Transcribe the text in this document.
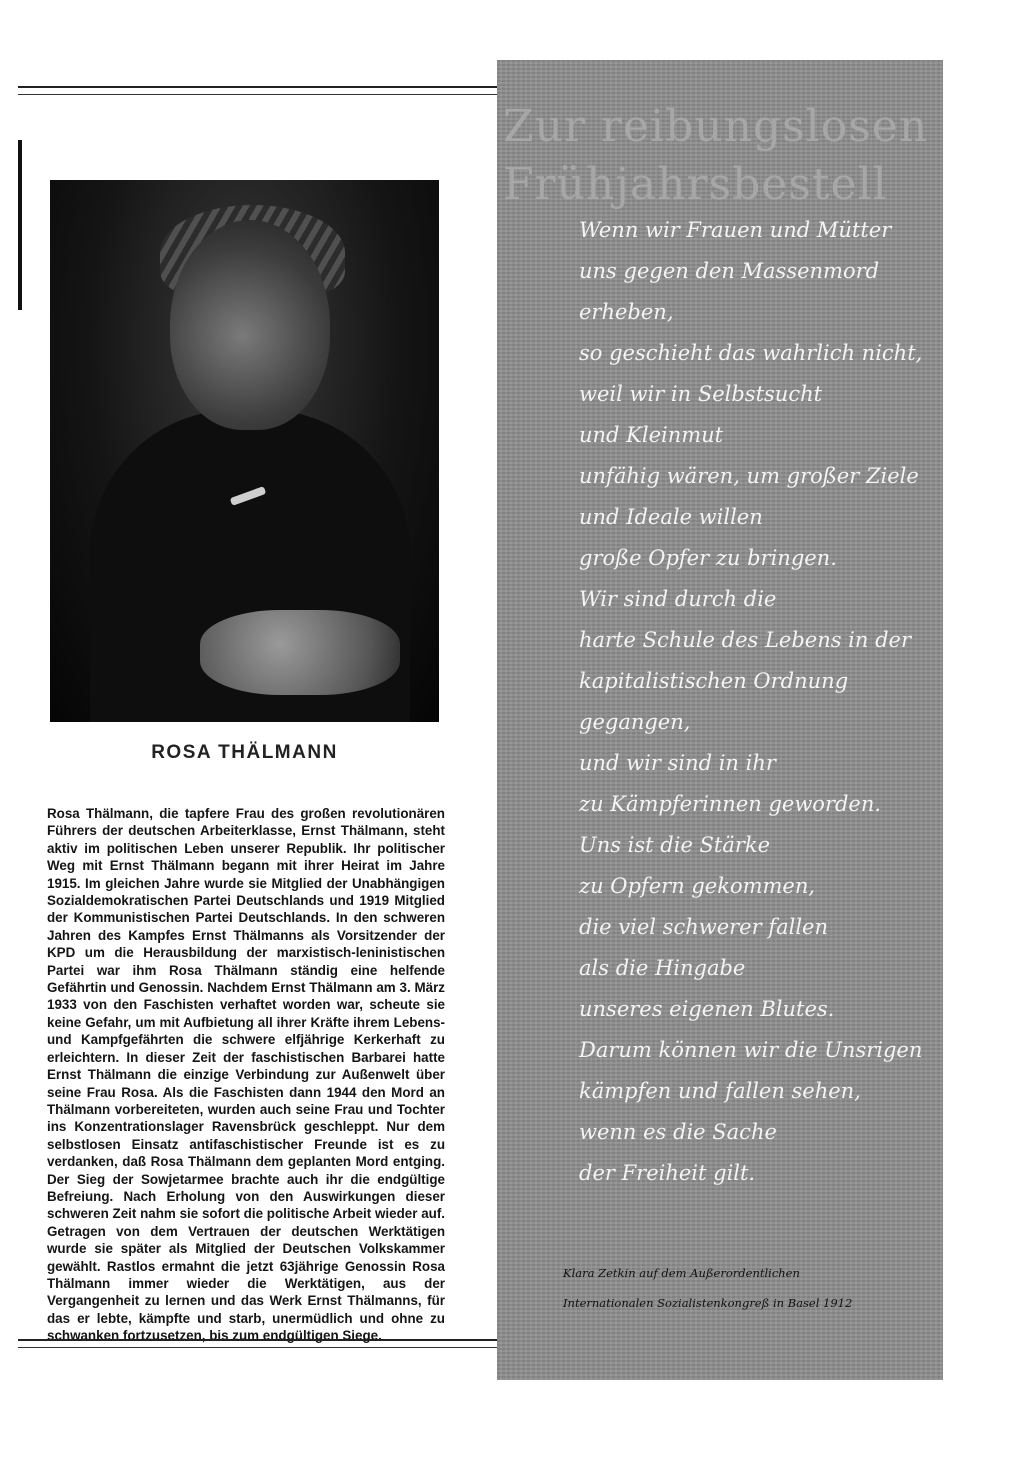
ROSA THÄLMANN

Rosa Thälmann, die tapfere Frau des großen revolutionären Führers der deutschen Arbeiterklasse, Ernst Thälmann, steht aktiv im politischen Leben unserer Republik. Ihr politischer Weg mit Ernst Thälmann begann mit ihrer Heirat im Jahre 1915. Im gleichen Jahre wurde sie Mitglied der Unabhängigen Sozialdemokratischen Partei Deutschlands und 1919 Mitglied der Kommunistischen Partei Deutschlands. In den schweren Jahren des Kampfes Ernst Thälmanns als Vorsitzender der KPD um die Herausbildung der marxistisch-leninistischen Partei war ihm Rosa Thälmann ständig eine helfende Gefährtin und Genossin. Nachdem Ernst Thälmann am 3. März 1933 von den Faschisten verhaftet worden war, scheute sie keine Gefahr, um mit Aufbietung all ihrer Kräfte ihrem Lebens- und Kampfgefährten die schwere elfjährige Kerkerhaft zu erleichtern. In dieser Zeit der faschistischen Barbarei hatte Ernst Thälmann die einzige Verbindung zur Außenwelt über seine Frau Rosa. Als die Faschisten dann 1944 den Mord an Thälmann vorbereiteten, wurden auch seine Frau und Tochter ins Konzentrationslager Ravensbrück geschleppt. Nur dem selbstlosen Einsatz antifaschistischer Freunde ist es zu verdanken, daß Rosa Thälmann dem geplanten Mord entging. Der Sieg der Sowjetarmee brachte auch ihr die endgültige Befreiung. Nach Erholung von den Auswirkungen dieser schweren Zeit nahm sie sofort die politische Arbeit wieder auf. Getragen von dem Vertrauen der deutschen Werktätigen wurde sie später als Mitglied der Deutschen Volkskammer gewählt. Rastlos ermahnt die jetzt 63jährige Genossin Rosa Thälmann immer wieder die Werktätigen, aus der Vergangenheit zu lernen und das Werk Ernst Thälmanns, für das er lebte, kämpfte und starb, unermüdlich und ohne zu schwanken fortzusetzen, bis zum endgültigen Siege.

Zur reibungslosen
Frühjahrsbestell

Wenn wir Frauen und Mütter
uns gegen den Massenmord
erheben,
so geschieht das wahrlich nicht,
weil wir in Selbstsucht
und Kleinmut
unfähig wären, um großer Ziele
und Ideale willen
große Opfer zu bringen.
Wir sind durch die
harte Schule des Lebens in der
kapitalistischen Ordnung
gegangen,
und wir sind in ihr
zu Kämpferinnen geworden.
Uns ist die Stärke
zu Opfern gekommen,
die viel schwerer fallen
als die Hingabe
unseres eigenen Blutes.
Darum können wir die Unsrigen
kämpfen und fallen sehen,
wenn es die Sache
der Freiheit gilt.
Klara Zetkin auf dem Außerordentlichen
Internationalen Sozialistenkongreß in Basel 1912
